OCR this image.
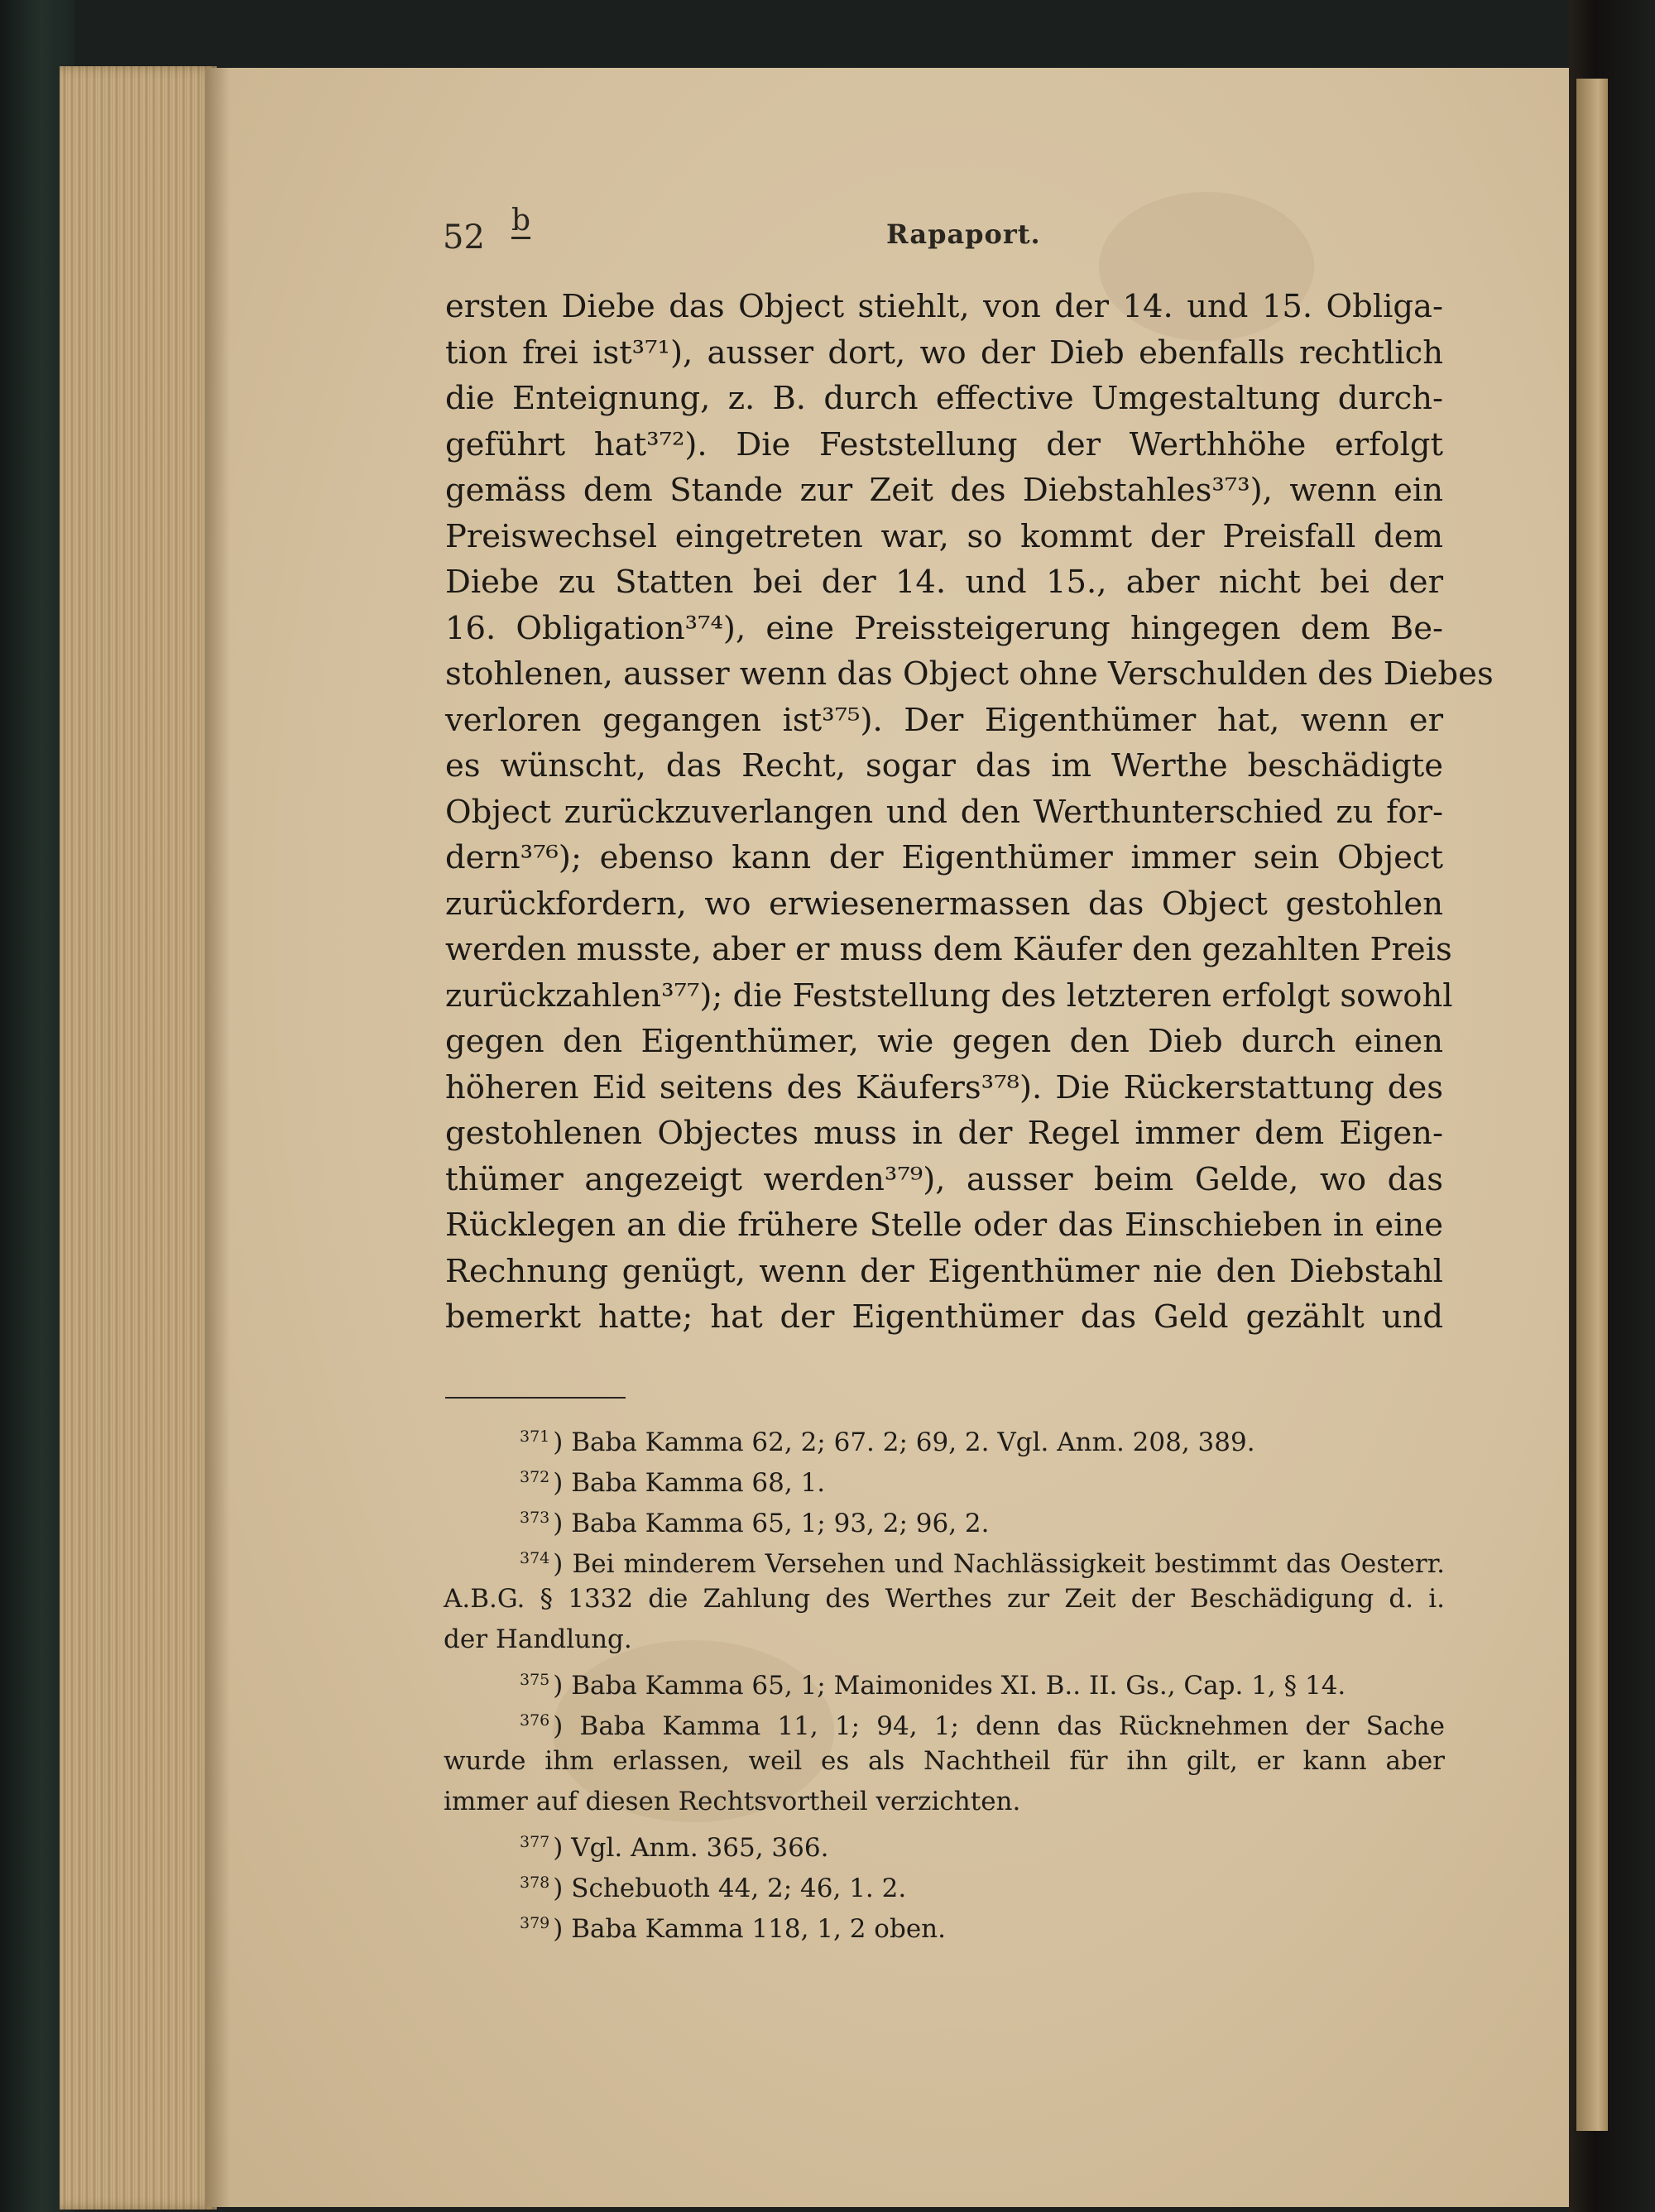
52 b	Rapaport.
ersten Diebe das Object stiehlt, von der 14. und 15. Obliga-
tion frei ist³⁷¹), ausser dort, wo der Dieb ebenfalls rechtlich
die Enteignung, z. B. durch effective Umgestaltung durch-
geführt hat³⁷²). Die Feststellung der Werthhöhe erfolgt
gemäss dem Stande zur Zeit des Diebstahles³⁷³), wenn ein
Preiswechsel eingetreten war, so kommt der Preisfall dem
Diebe zu Statten bei der 14. und 15., aber nicht bei der
16. Obligation³⁷⁴), eine Preissteigerung hingegen dem Be-
stohlenen, ausser wenn das Object ohne Verschulden des Diebes
verloren gegangen ist³⁷⁵). Der Eigenthümer hat, wenn er
es wünscht, das Recht, sogar das im Werthe beschädigte
Object zurückzuverlangen und den Werthunterschied zu for-
dern³⁷⁶); ebenso kann der Eigenthümer immer sein Object
zurückfordern, wo erwiesenermassen das Object gestohlen
werden musste, aber er muss dem Käufer den gezahlten Preis
zurückzahlen³⁷⁷); die Feststellung des letzteren erfolgt sowohl
gegen den Eigenthümer, wie gegen den Dieb durch einen
höheren Eid seitens des Käufers³⁷⁸). Die Rückerstattung des
gestohlenen Objectes muss in der Regel immer dem Eigen-
thümer angezeigt werden³⁷⁹), ausser beim Gelde, wo das
Rücklegen an die frühere Stelle oder das Einschieben in eine
Rechnung genügt, wenn der Eigenthümer nie den Diebstahl
bemerkt hatte; hat der Eigenthümer das Geld gezählt und
$^{371}$ ) Baba Kamma 62, 2; 67. 2; 69, 2. Vgl. Anm. 208, 389.
$^{372}$ ) Baba Kamma 68, 1.
$^{373}$ ) Baba Kamma 65, 1; 93, 2; 96, 2.
$^{374}$ ) Bei minderem Versehen und Nachlässigkeit bestimmt das Oesterr.
A.B.G. § 1332 die Zahlung des Werthes zur Zeit der Beschädigung d. i.
der Handlung.
$^{375}$ ) Baba Kamma 65, 1; Maimonides XI. B.. II. Gs., Cap. 1, § 14.
$^{376}$ ) Baba Kamma 11, 1; 94, 1; denn das Rücknehmen der Sache
wurde ihm erlassen, weil es als Nachtheil für ihn gilt, er kann aber
immer auf diesen Rechtsvortheil verzichten.
$^{377}$ ) Vgl. Anm. 365, 366.
$^{378}$ ) Schebuoth 44, 2; 46, 1. 2.
$^{379}$ ) Baba Kamma 118, 1, 2 oben.
